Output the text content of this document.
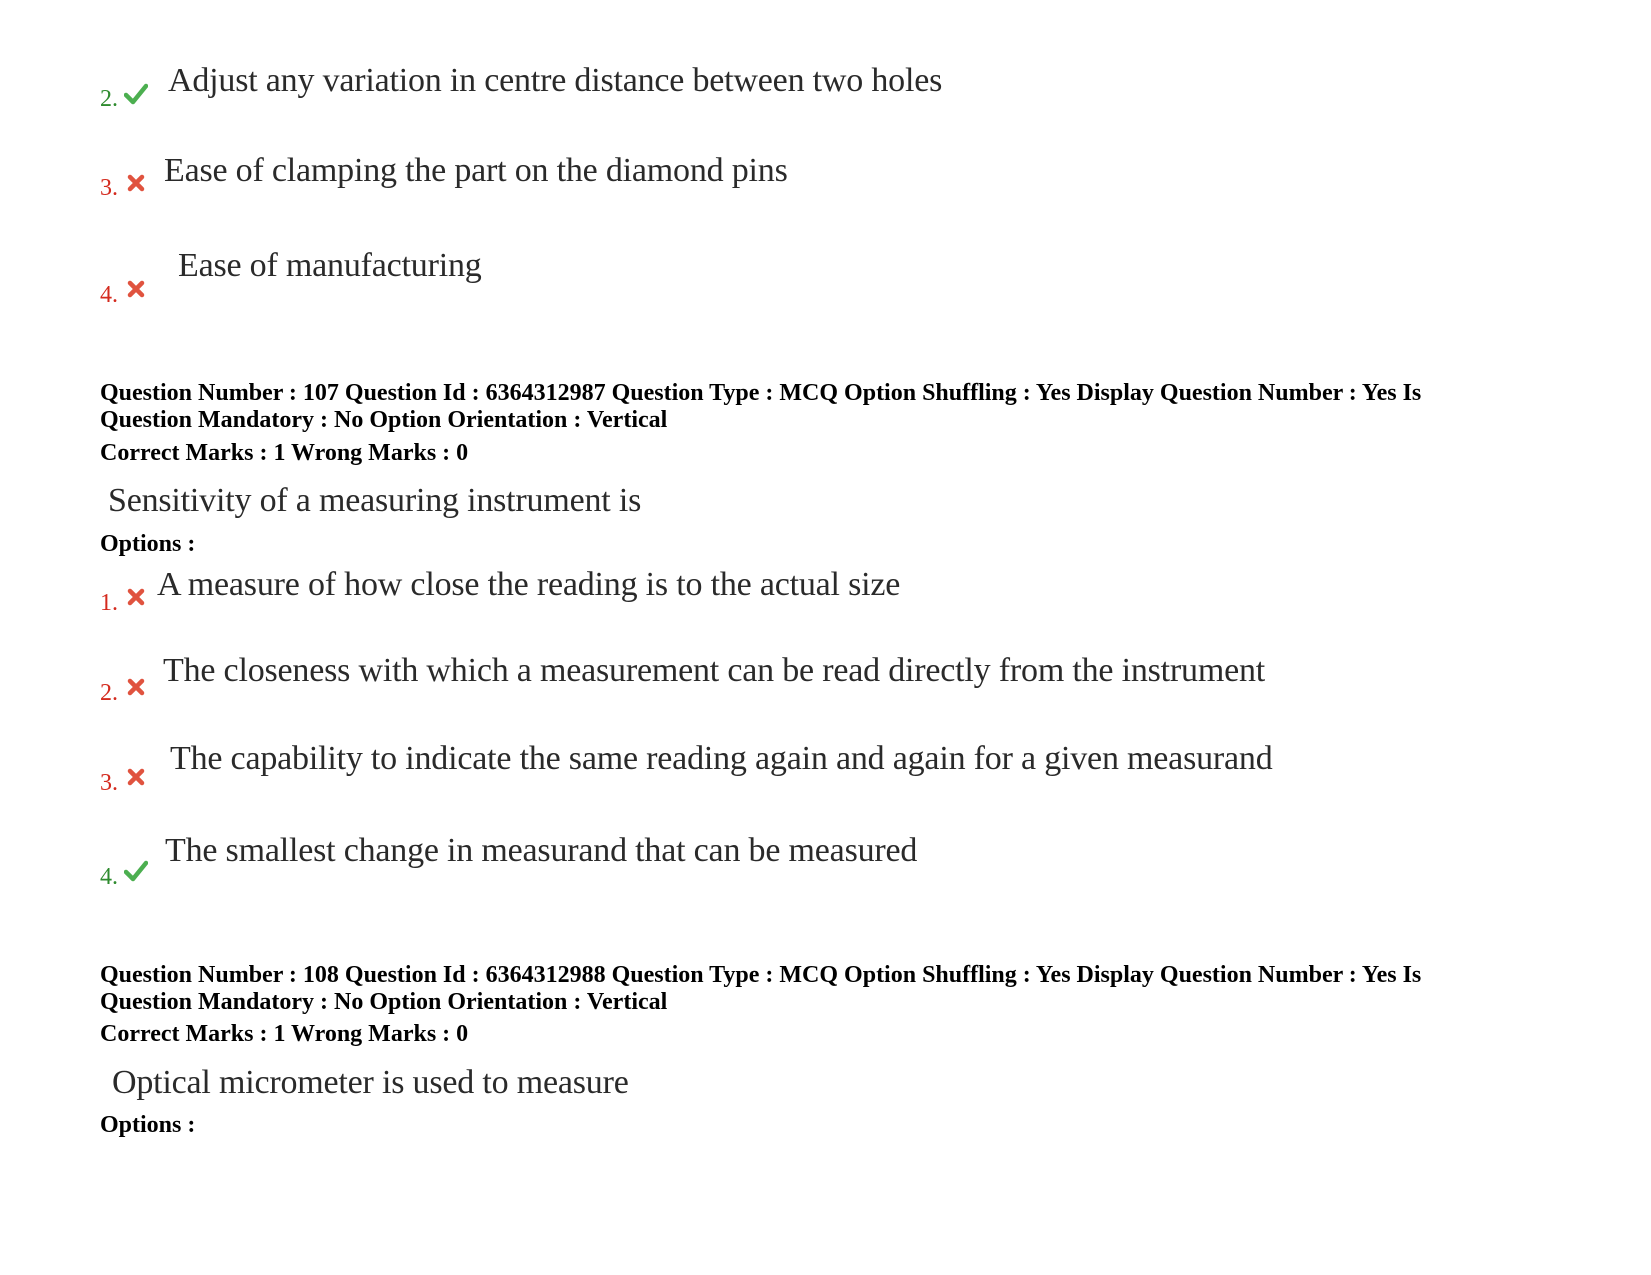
2. Adjust any variation in centre distance between two holes
3. Ease of clamping the part on the diamond pins
4.
Ease of manufacturing
Question Number : 107 Question Id : 6364312987 Question Type : MCQ Option Shuffling : Yes Display Question Number : Yes Is
Question Mandatory : No Option Orientation : Vertical
Correct Marks : 1 Wrong Marks : 0
Sensitivity of a measuring instrument is
Options :
1. A measure of how close the reading is to the actual size
2.
The closeness with which a measurement can be read directly from the instrument
3.
The capability to indicate the same reading again and again for a given measurand
4.
The smallest change in measurand that can be measured
Question Number : 108 Question Id : 6364312988 Question Type : MCQ Option Shuffling : Yes Display Question Number : Yes Is
Question Mandatory : No Option Orientation : Vertical
Correct Marks : 1 Wrong Marks : 0
Optical micrometer is used to measure
Options :
